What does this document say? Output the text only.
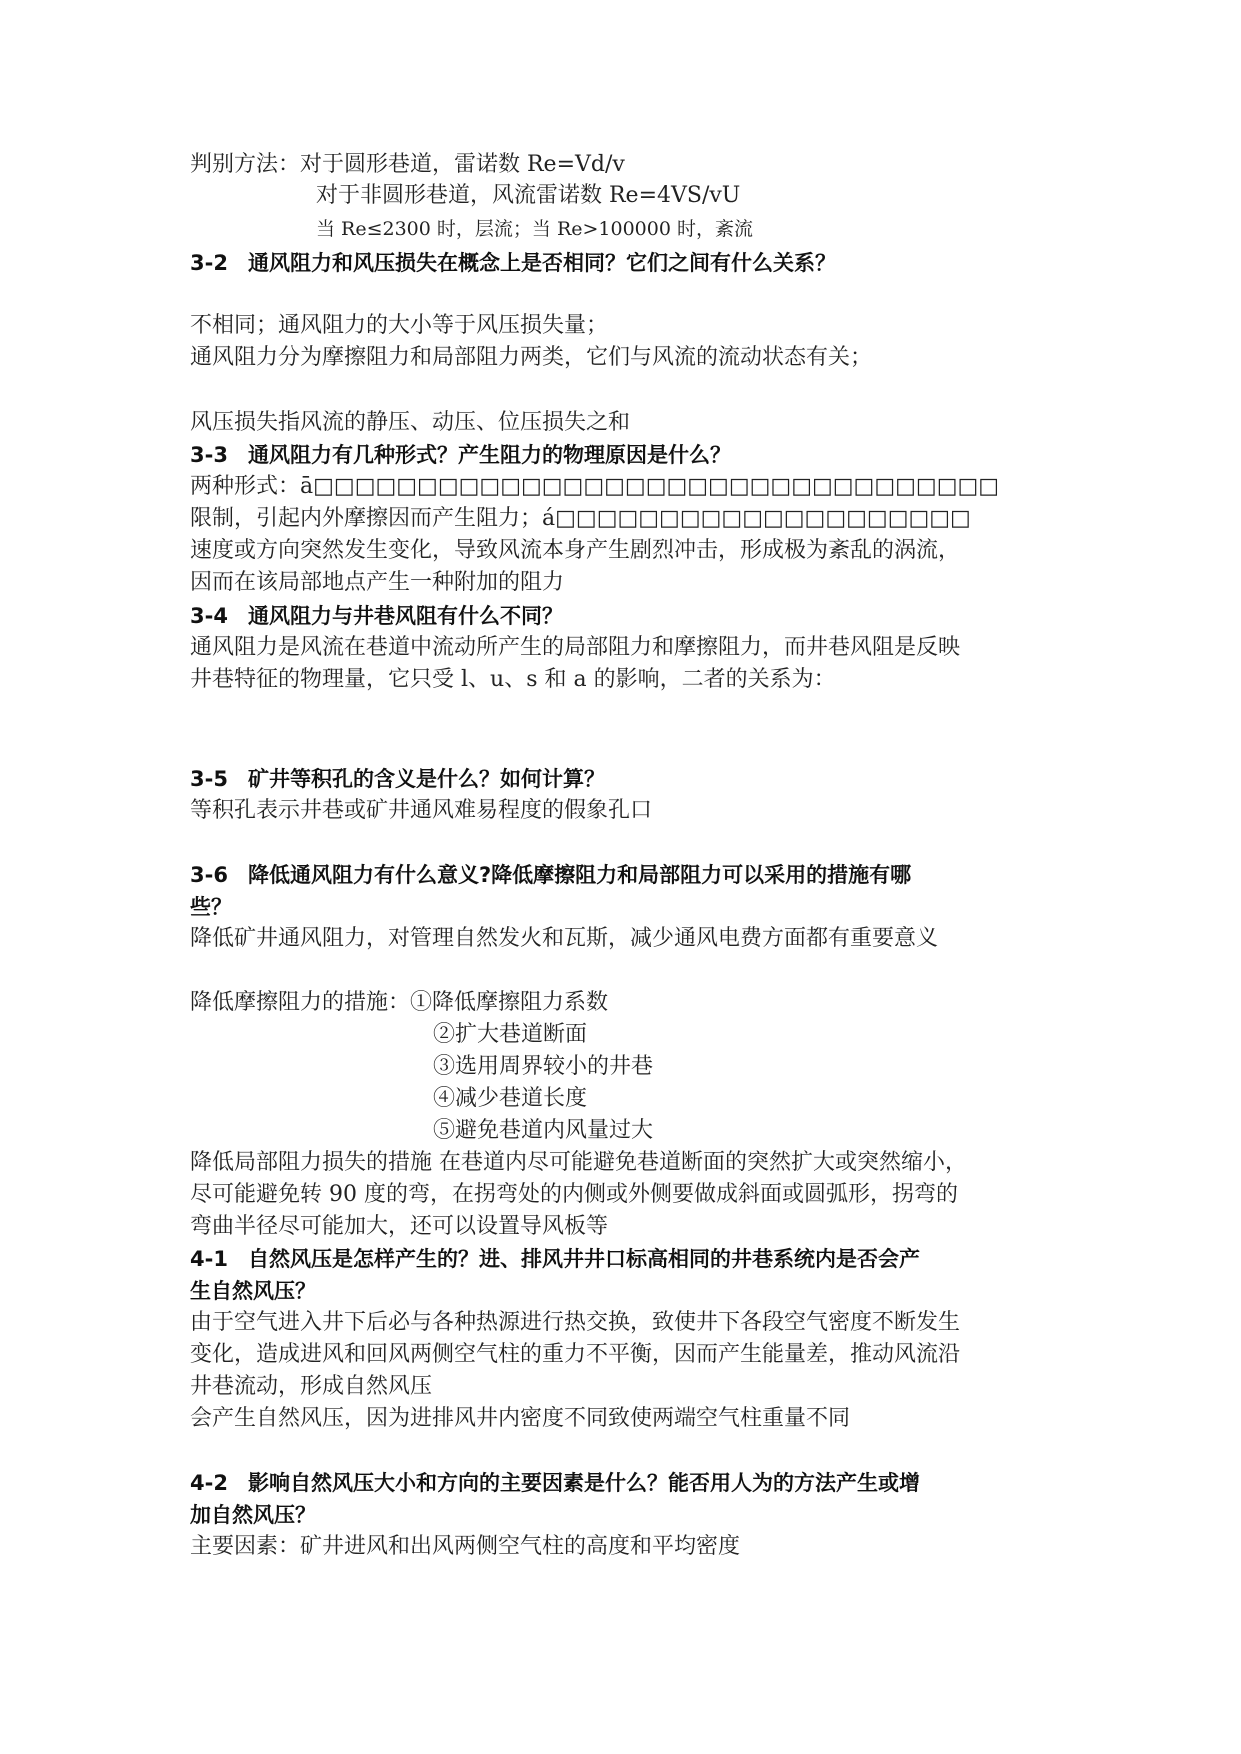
判别方法：对于圆形巷道，雷诺数 Re=Vd/v
对于非圆形巷道，风流雷诺数 Re=4VS/vU
当 Re≤2300 时，层流；当 Re>100000 时，紊流
3-2 通风阻力和风压损失在概念上是否相同？它们之间有什么关系？
不相同；通风阻力的大小等于风压损失量；
通风阻力分为摩擦阻力和局部阻力两类，它们与风流的流动状态有关；
风压损失指风流的静压、动压、位压损失之和
3-3 通风阻力有几种形式？产生阻力的物理原因是什么？
两种形式：ā□□□□□□□□□□□□□□□□□□□□□□□□□□□□□□□□□
限制，引起内外摩擦因而产生阻力；á□□□□□□□□□□□□□□□□□□□□
速度或方向突然发生变化，导致风流本身产生剧烈冲击，形成极为紊乱的涡流，
因而在该局部地点产生一种附加的阻力
3-4 通风阻力与井巷风阻有什么不同？
通风阻力是风流在巷道中流动所产生的局部阻力和摩擦阻力，而井巷风阻是反映
井巷特征的物理量，它只受 l、u、s 和 a 的影响，二者的关系为：
3-5 矿井等积孔的含义是什么？如何计算？
等积孔表示井巷或矿井通风难易程度的假象孔口
3-6 降低通风阻力有什么意义?降低摩擦阻力和局部阻力可以采用的措施有哪
些？
降低矿井通风阻力，对管理自然发火和瓦斯，减少通风电费方面都有重要意义
降低摩擦阻力的措施：①降低摩擦阻力系数
②扩大巷道断面
③选用周界较小的井巷
④减少巷道长度
⑤避免巷道内风量过大
降低局部阻力损失的措施 在巷道内尽可能避免巷道断面的突然扩大或突然缩小，
尽可能避免转 90 度的弯，在拐弯处的内侧或外侧要做成斜面或圆弧形，拐弯的
弯曲半径尽可能加大，还可以设置导风板等
4-1 自然风压是怎样产生的？进、排风井井口标高相同的井巷系统内是否会产
生自然风压？
由于空气进入井下后必与各种热源进行热交换，致使井下各段空气密度不断发生
变化，造成进风和回风两侧空气柱的重力不平衡，因而产生能量差，推动风流沿
井巷流动，形成自然风压
会产生自然风压，因为进排风井内密度不同致使两端空气柱重量不同
4-2 影响自然风压大小和方向的主要因素是什么？能否用人为的方法产生或增
加自然风压？
主要因素：矿井进风和出风两侧空气柱的高度和平均密度
